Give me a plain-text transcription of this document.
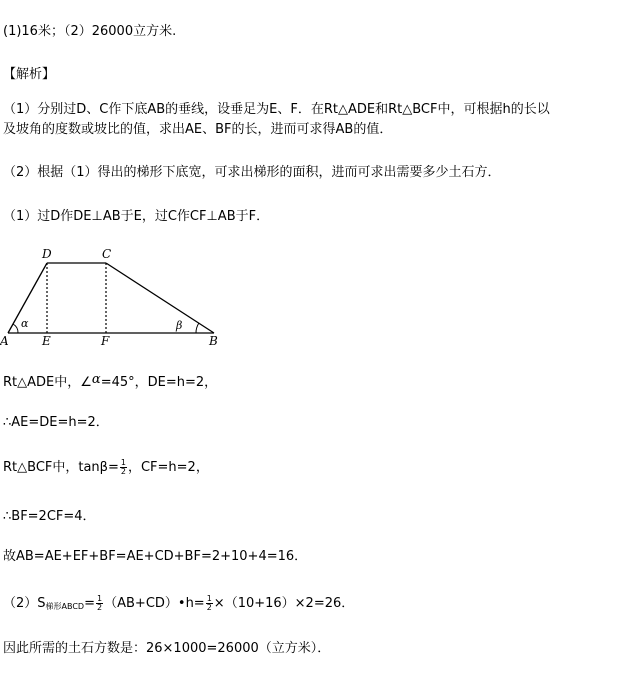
(1)16米；（2）26000立方米.
【解析】
（1）分别过D、C作下底AB的垂线，设垂足为E、F．在Rt△ADE和Rt△BCF中，可根据h的长以
及坡角的度数或坡比的值，求出AE、BF的长，进而可求得AB的值．
（2）根据（1）得出的梯形下底宽，可求出梯形的面积，进而可求出需要多少土石方．
（1）过D作DE⊥AB于E，过C作CF⊥AB于F．
D	C
A	E	F	B
α	β
Rt△ADE中，∠α=45°，DE=h=2，
∴AE=DE=h=2．
Rt△BCF中，$\tan\beta= \frac{1}{2}$ ，CF=h=2，
∴BF=2CF=4．
故AB=AE+EF+BF=AE+CD+BF=2+10+4=16．
（2）S梯形ABCD= $\frac{1}{2}$ （AB+CD）•h= $\frac{1}{2} \times(10+16)\times 2=26$．
因此所需的土石方数是：26×1000=26000（立方米）．
